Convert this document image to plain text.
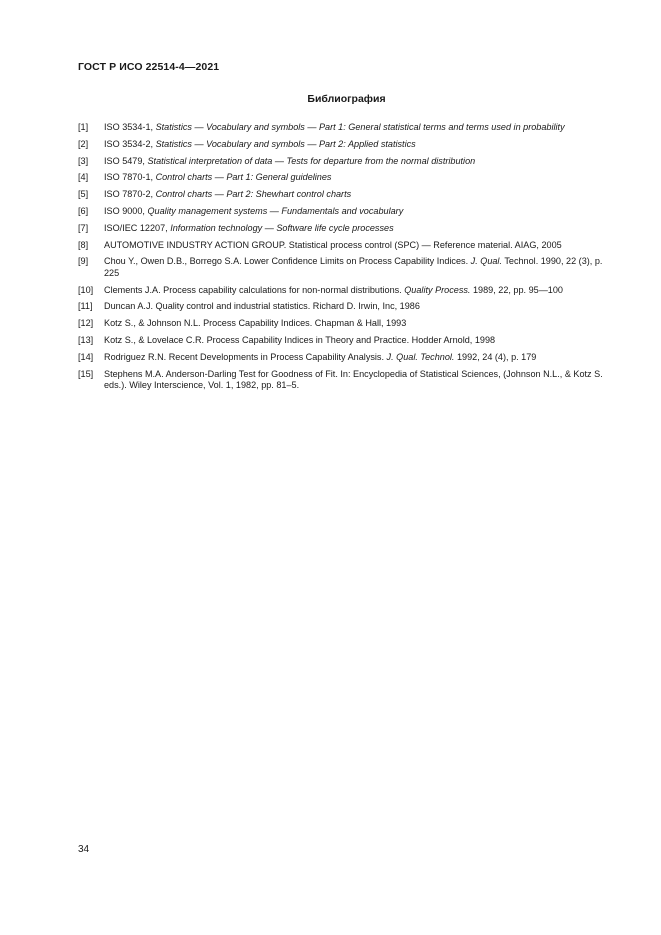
ГОСТ Р ИСО 22514-4—2021
Библиография
[1]	ISO 3534-1, Statistics — Vocabulary and symbols — Part 1: General statistical terms and terms used in probability
[2]	ISO 3534-2, Statistics — Vocabulary and symbols — Part 2: Applied statistics
[3]	ISO 5479, Statistical interpretation of data — Tests for departure from the normal distribution
[4]	ISO 7870-1, Control charts — Part 1: General guidelines
[5]	ISO 7870-2, Control charts — Part 2: Shewhart control charts
[6]	ISO 9000, Quality management systems — Fundamentals and vocabulary
[7]	ISO/IEC 12207, Information technology — Software life cycle processes
[8]	AUTOMOTIVE INDUSTRY ACTION GROUP. Statistical process control (SPC) — Reference material. AIAG, 2005
[9]	Chou Y., Owen D.B., Borrego S.A. Lower Confidence Limits on Process Capability Indices. J. Qual. Technol. 1990, 22 (3), p. 225
[10]	Clements J.A. Process capability calculations for non-normal distributions. Quality Process. 1989, 22, pp. 95—100
[11]	Duncan A.J. Quality control and industrial statistics. Richard D. Irwin, Inc, 1986
[12]	Kotz S., & Johnson N.L. Process Capability Indices. Chapman & Hall, 1993
[13]	Kotz S., & Lovelace C.R. Process Capability Indices in Theory and Practice. Hodder Arnold, 1998
[14]	Rodriguez R.N. Recent Developments in Process Capability Analysis. J. Qual. Technol. 1992, 24 (4), p. 179
[15]	Stephens M.A. Anderson-Darling Test for Goodness of Fit. In: Encyclopedia of Statistical Sciences, (Johnson N.L., & Kotz S. eds.). Wiley Interscience, Vol. 1, 1982, pp. 81–5.
34
